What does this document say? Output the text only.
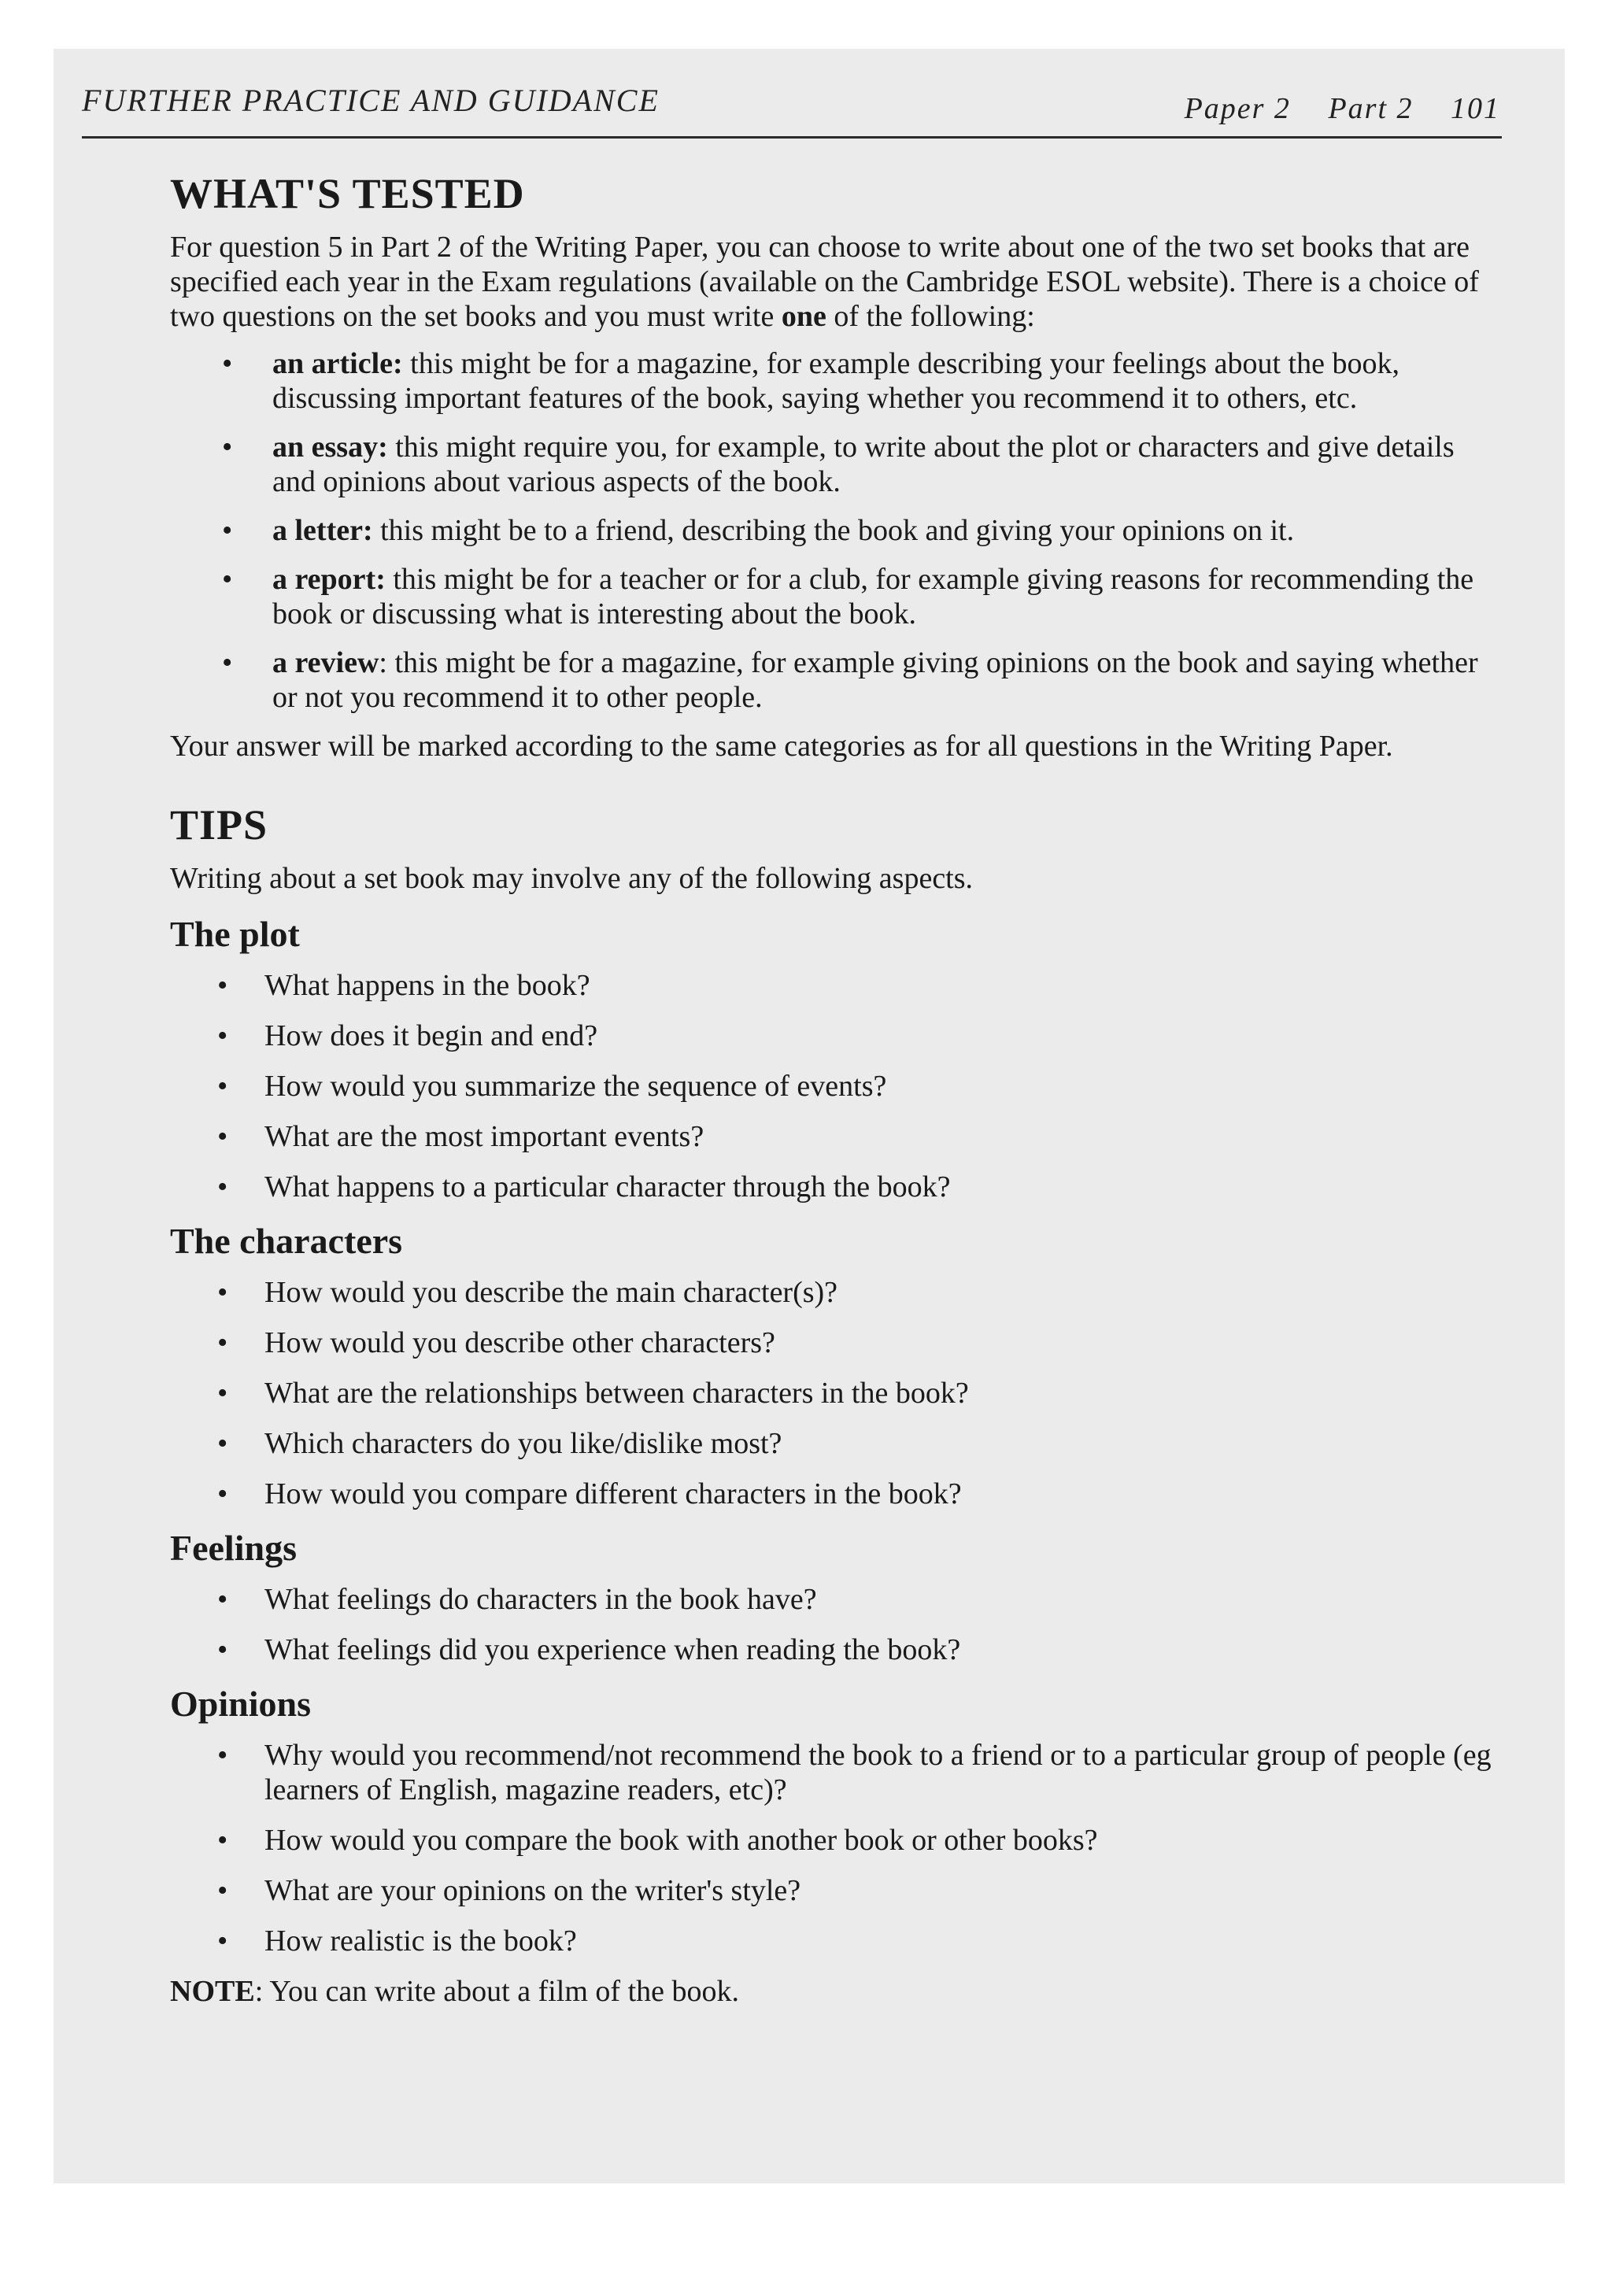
FURTHER PRACTICE AND GUIDANCE	Paper 2 Part 2 101
WHAT'S TESTED

For question 5 in Part 2 of the Writing Paper, you can choose to write about one of the two set books that are specified each year in the Exam regulations (available on the Cambridge ESOL website). There is a choice of two questions on the set books and you must write one of the following:

• an article: this might be for a magazine, for example describing your feelings about the book, discussing important features of the book, saying whether you recommend it to others, etc.
• an essay: this might require you, for example, to write about the plot or characters and give details and opinions about various aspects of the book.
• a letter: this might be to a friend, describing the book and giving your opinions on it.
• a report: this might be for a teacher or for a club, for example giving reasons for recommending the book or discussing what is interesting about the book.
• a review: this might be for a magazine, for example giving opinions on the book and saying whether or not you recommend it to other people.

Your answer will be marked according to the same categories as for all questions in the Writing Paper.

TIPS

Writing about a set book may involve any of the following aspects.

The plot
• What happens in the book?
• How does it begin and end?
• How would you summarize the sequence of events?
• What are the most important events?
• What happens to a particular character through the book?
The characters
• How would you describe the main character(s)?
• How would you describe other characters?
• What are the relationships between characters in the book?
• Which characters do you like/dislike most?
• How would you compare different characters in the book?
Feelings
• What feelings do characters in the book have?
• What feelings did you experience when reading the book?
Opinions
• Why would you recommend/not recommend the book to a friend or to a particular group of people (eg learners of English, magazine readers, etc)?
• How would you compare the book with another book or other books?
• What are your opinions on the writer's style?
• How realistic is the book?

NOTE: You can write about a film of the book.
